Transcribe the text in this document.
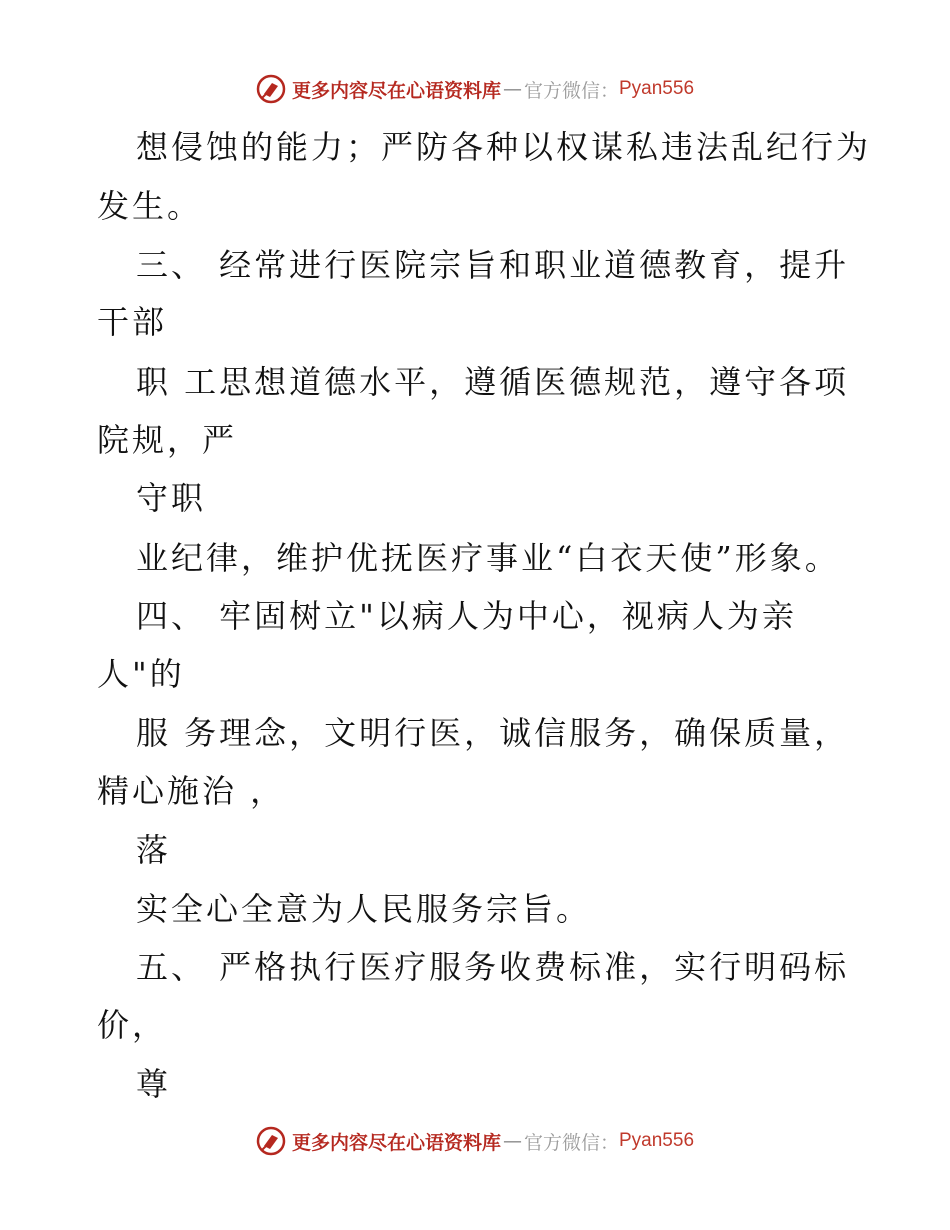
更多内容尽在心语资料库 — 官方微信： Pyan556
想侵蚀的能力；严防各种以权谋私违法乱纪行为
发生。
三、 经常进行医院宗旨和职业道德教育，提升
干部
职 工思想道德水平，遵循医德规范，遵守各项
院规，严
守职
业纪律，维护优抚医疗事业“白衣天使”形象。
四、 牢固树立"以病人为中心，视病人为亲
人"的
服 务理念，文明行医，诚信服务，确保质量，
精心施治 ，
落
实全心全意为人民服务宗旨。
五、 严格执行医疗服务收费标准，实行明码标
价，
尊
更多内容尽在心语资料库 — 官方微信： Pyan556
